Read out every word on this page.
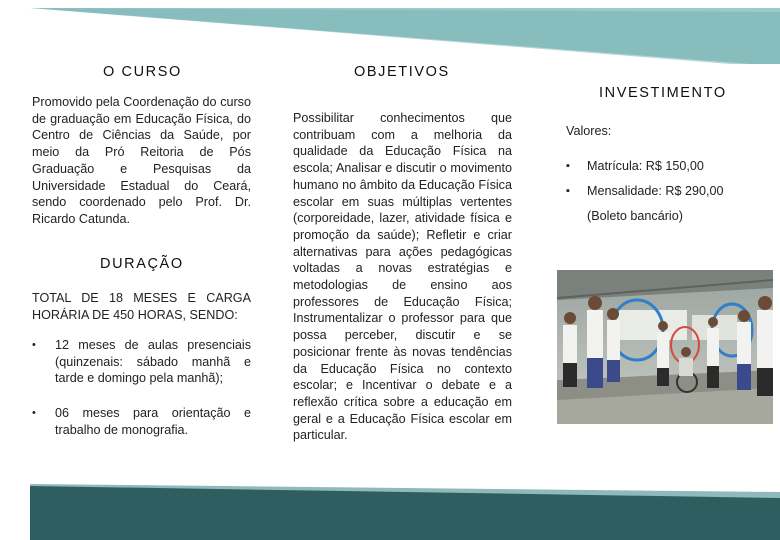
O CURSO
Promovido pela Coordenação do curso de graduação em Educação Física, do Centro de Ciências da Saúde, por meio da Pró Reitoria de Pós Graduação e Pesquisas da Universidade Estadual do Ceará, sendo coordenado pelo Prof. Dr. Ricardo Catunda.
DURAÇÃO
TOTAL DE 18 MESES E CARGA HORÁRIA DE 450 HORAS, SENDO:
• 12 meses de aulas presenciais (quinzenais: sábado manhã e tarde e domingo pela manhã);
• 06 meses para orientação e trabalho de monografia.
OBJETIVOS
Possibilitar conhecimentos que contribuam com a melhoria da qualidade da Educação Física na escola; Analisar e discutir o movimento humano no âmbito da Educação Física escolar em suas múltiplas vertentes (corporeidade, lazer, atividade física e promoção da saúde); Refletir e criar alternativas para ações pedagógicas voltadas a novas estratégias e metodologias de ensino aos professores de Educação Física; Instrumentalizar o professor para que possa perceber, discutir e se posicionar frente às novas tendências da Educação Física no contexto escolar; e Incentivar o debate e a reflexão crítica sobre a educação em geral e a Educação Física escolar em particular.
INVESTIMENTO
Valores:
▪ Matrícula: R$ 150,00
▪ Mensalidade: R$ 290,00
(Boleto bancário)
